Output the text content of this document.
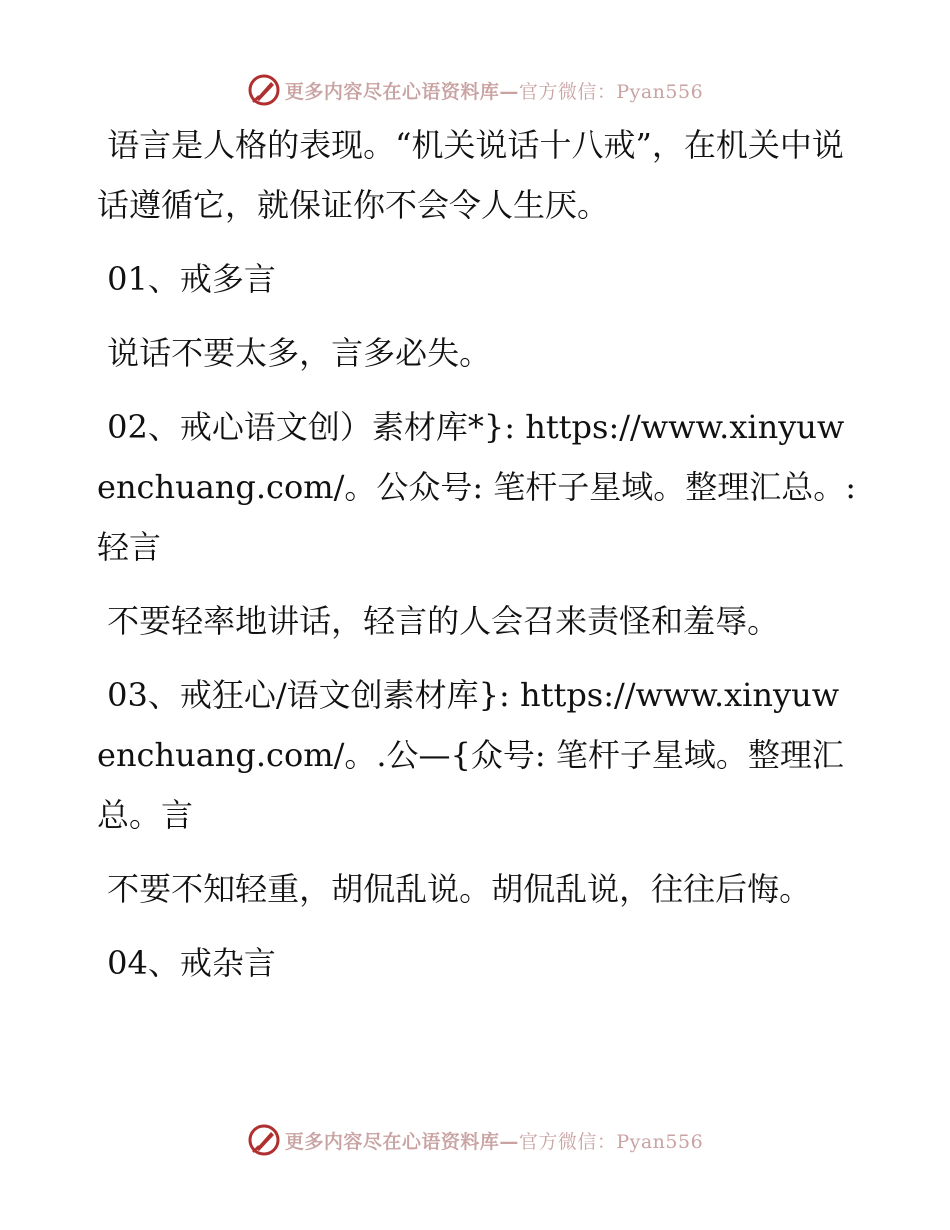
更多内容尽在心语资料库—官方微信：Pyan556

语言是人格的表现。“机关说话十八戒”，在机关中说话遵循它，就保证你不会令人生厌。

01、戒多言

说话不要太多，言多必失。

02、戒心语文创）素材库*}: https://www.xinyuwenchuang.com/。公众号: 笔杆子星域。整理汇总。:轻言

不要轻率地讲话，轻言的人会召来责怪和羞辱。

03、戒狂心/语文创素材库}: https://www.xinyuwenchuang.com/。.公—{众号: 笔杆子星域。整理汇总。言

不要不知轻重，胡侃乱说。胡侃乱说，往往后悔。

04、戒杂言

更多内容尽在心语资料库—官方微信：Pyan556
